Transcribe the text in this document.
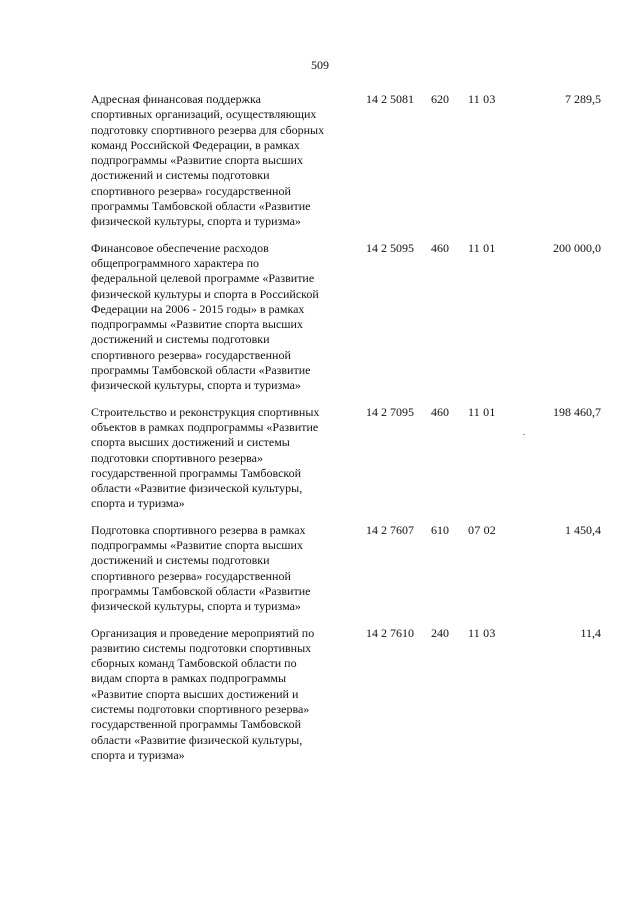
509
Адресная финансовая поддержка
спортивных организаций, осуществляющих
подготовку спортивного резерва для сборных
команд Российской Федерации, в рамках
подпрограммы «Развитие спорта высших
достижений и системы подготовки
спортивного резерва» государственной
программы Тамбовской области «Развитие
физической культуры, спорта и туризма»
14 2 5081 620 11 03	7 289,5
Финансовое обеспечение расходов
общепрограммного характера по
федеральной целевой программе «Развитие
физической культуры и спорта в Российской
Федерации на 2006 - 2015 годы» в рамках
подпрограммы «Развитие спорта высших
достижений и системы подготовки
спортивного резерва» государственной
программы Тамбовской области «Развитие
физической культуры, спорта и туризма»
14 2 5095 460 11 01	200 000,0
Строительство и реконструкция спортивных
объектов в рамках подпрограммы «Развитие
спорта высших достижений и системы
подготовки спортивного резерва»
государственной программы Тамбовской
области «Развитие физической культуры,
спорта и туризма»
14 2 7095 460 11 01	198 460,7
Подготовка спортивного резерва в рамках
подпрограммы «Развитие спорта высших
достижений и системы подготовки
спортивного резерва» государственной
программы Тамбовской области «Развитие
физической культуры, спорта и туризма»
14 2 7607 610 07 02	1 450,4
Организация и проведение мероприятий по
развитию системы подготовки спортивных
сборных команд Тамбовской области по
видам спорта в рамках подпрограммы
«Развитие спорта высших достижений и
системы подготовки спортивного резерва»
государственной программы Тамбовской
области «Развитие физической культуры,
спорта и туризма»
14 2 7610 240 11 03	11,4
